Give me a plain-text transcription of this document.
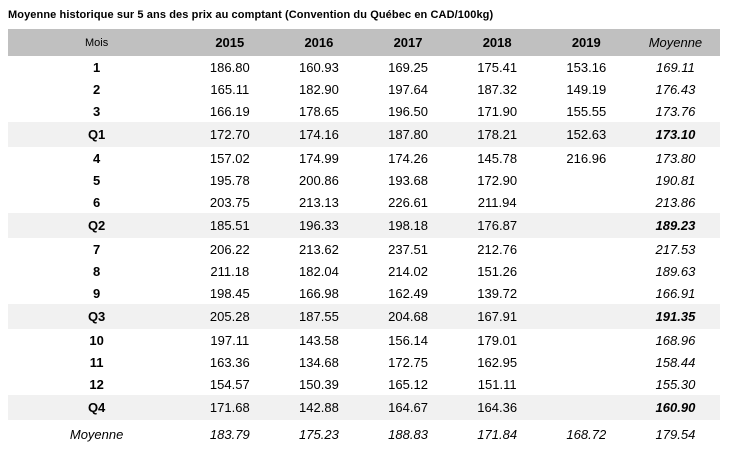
Moyenne historique sur 5 ans des prix au comptant (Convention du Québec en CAD/100kg)
Mois	2015	2016	2017	2018	2019	Moyenne
1	186.80	160.93	169.25	175.41	153.16	169.11
2	165.11	182.90	197.64	187.32	149.19	176.43
3	166.19	178.65	196.50	171.90	155.55	173.76
Q1	172.70	174.16	187.80	178.21	152.63	173.10
4	157.02	174.99	174.26	145.78	216.96	173.80
5	195.78	200.86	193.68	172.90		190.81
6	203.75	213.13	226.61	211.94		213.86
Q2	185.51	196.33	198.18	176.87		189.23
7	206.22	213.62	237.51	212.76		217.53
8	211.18	182.04	214.02	151.26		189.63
9	198.45	166.98	162.49	139.72		166.91
Q3	205.28	187.55	204.68	167.91		191.35
10	197.11	143.58	156.14	179.01		168.96
11	163.36	134.68	172.75	162.95		158.44
12	154.57	150.39	165.12	151.11		155.30
Q4	171.68	142.88	164.67	164.36		160.90
Moyenne	183.79	175.23	188.83	171.84	168.72	179.54
